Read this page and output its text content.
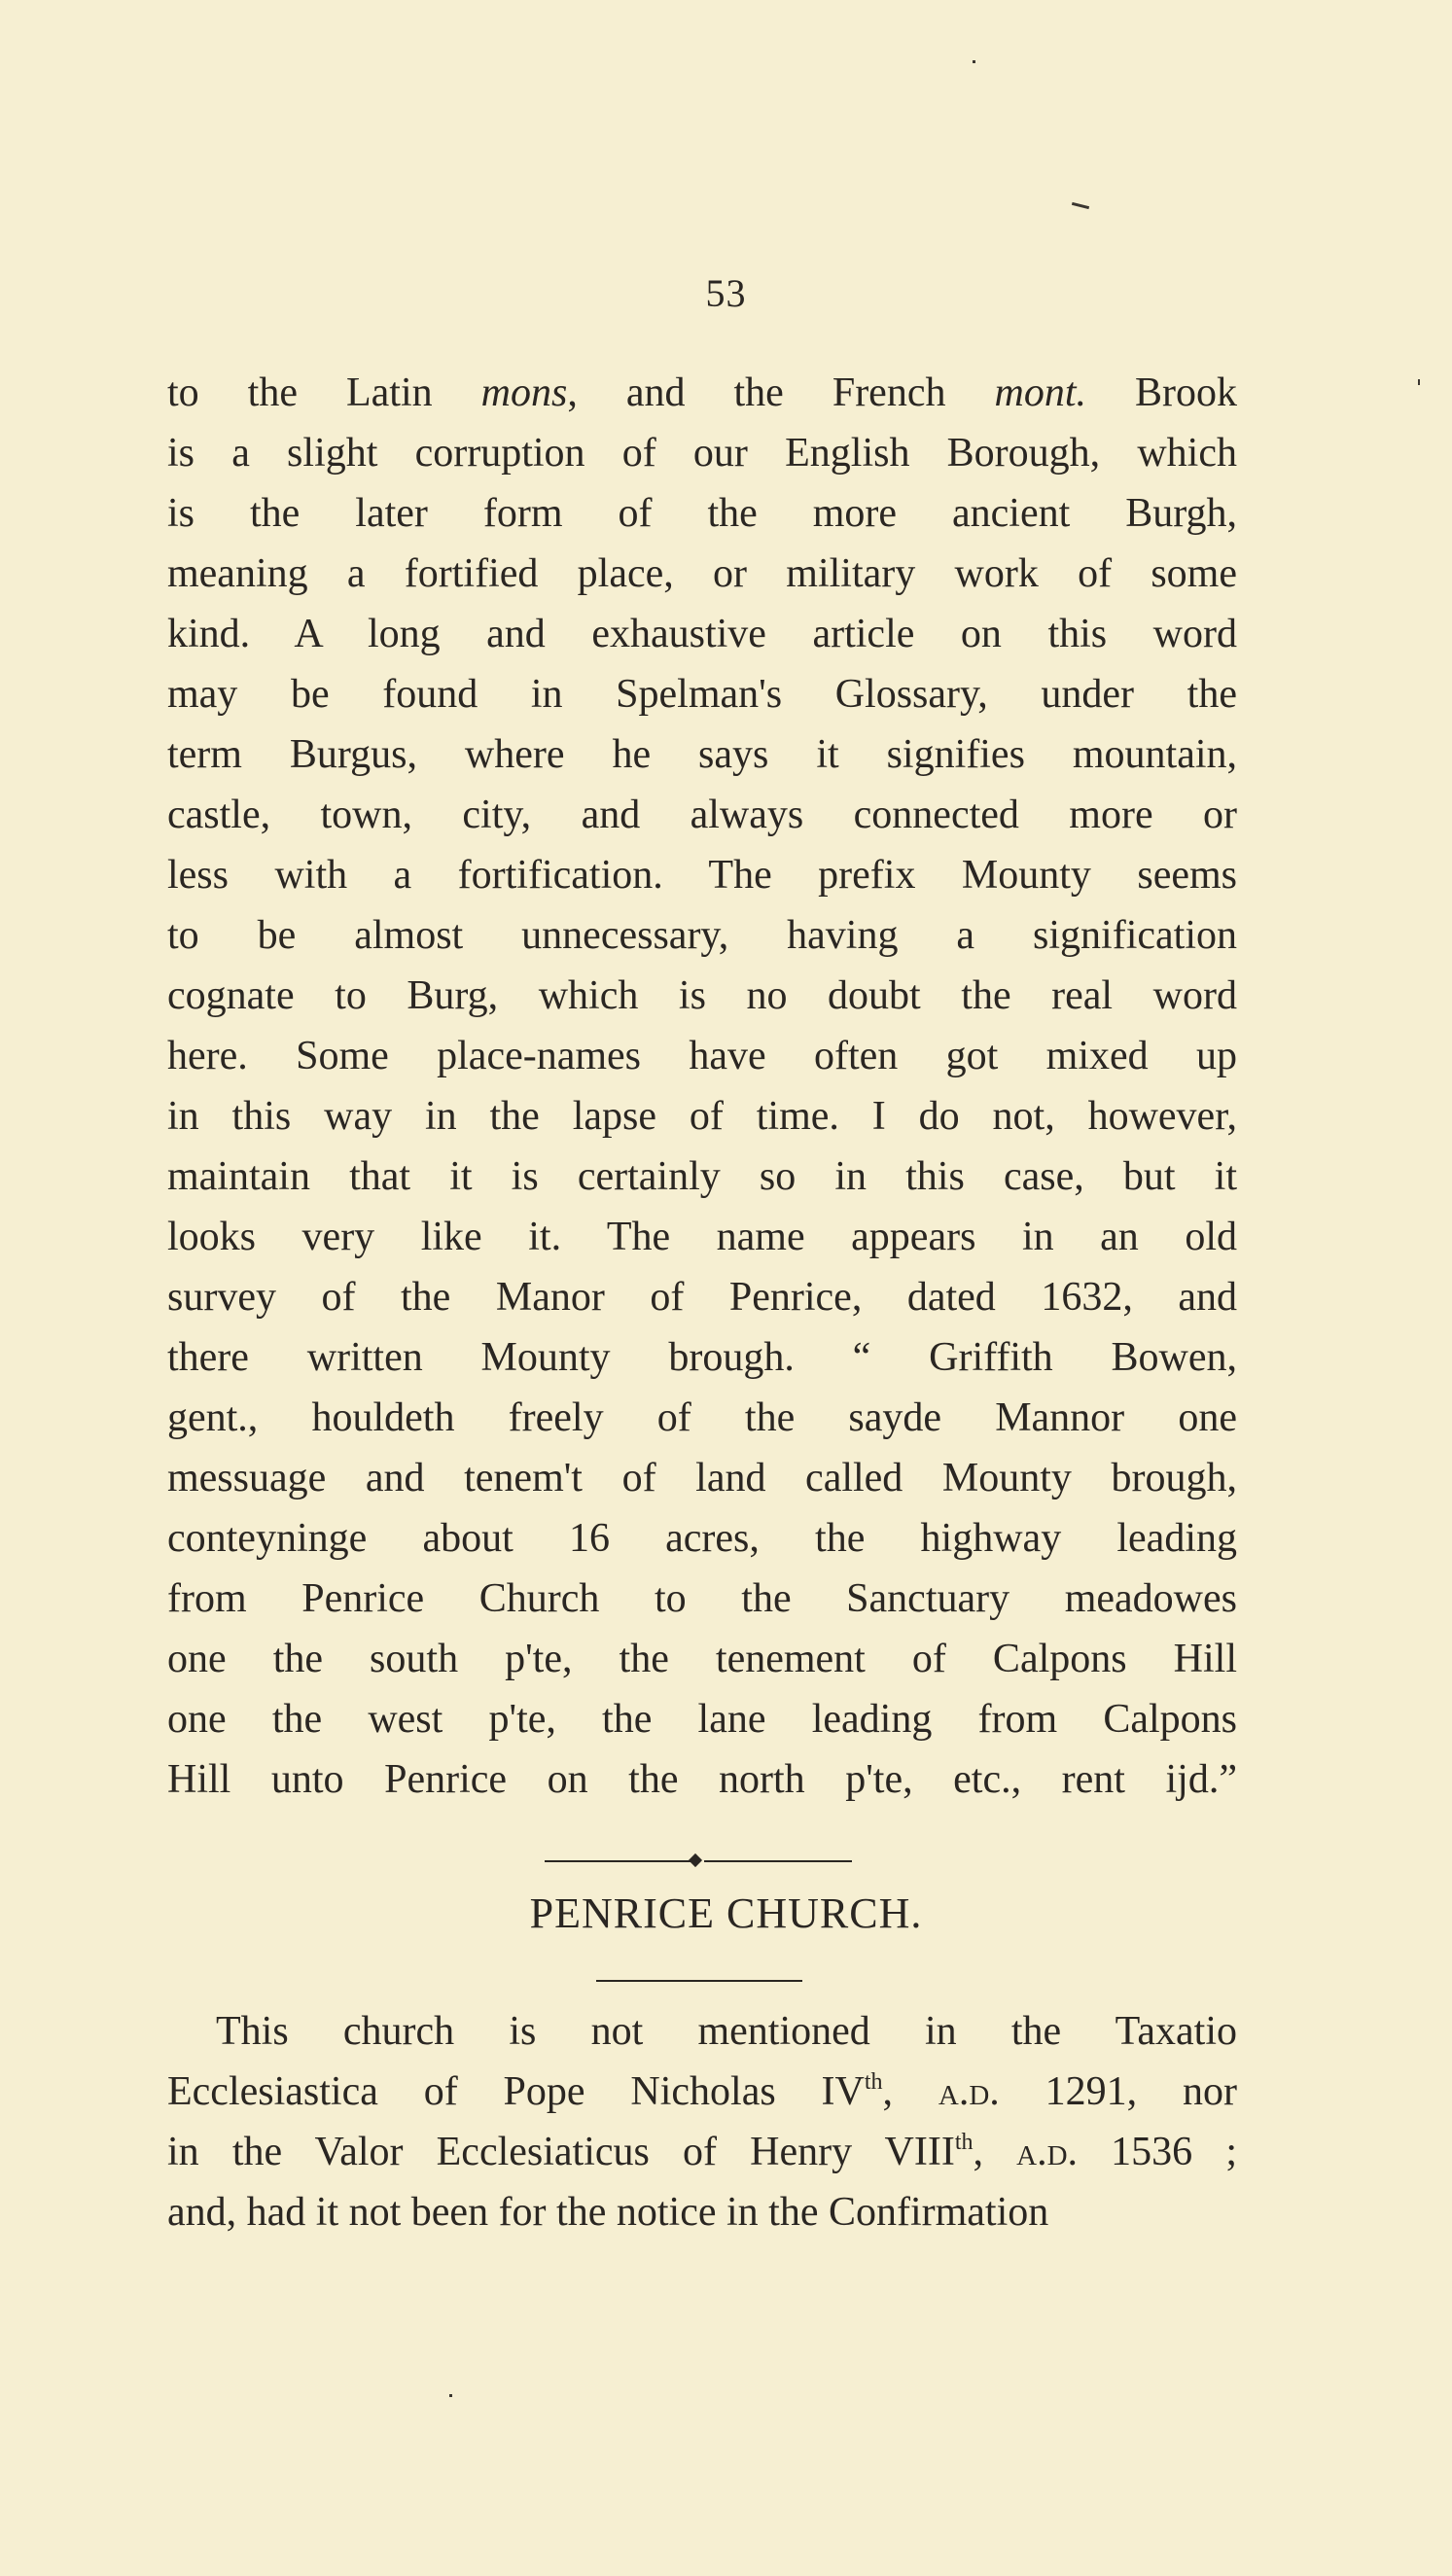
53
to the Latin mons, and the French mont. Brook
is a slight corruption of our English Borough, which
is the later form of the more ancient Burgh,
meaning a fortified place, or military work of some
kind. A long and exhaustive article on this word
may be found in Spelman's Glossary, under the
term Burgus, where he says it signifies mountain,
castle, town, city, and always connected more or
less with a fortification. The prefix Mounty seems
to be almost unnecessary, having a signification
cognate to Burg, which is no doubt the real word
here. Some place-names have often got mixed up
in this way in the lapse of time. I do not, however,
maintain that it is certainly so in this case, but it
looks very like it. The name appears in an old
survey of the Manor of Penrice, dated 1632, and
there written Mounty brough. “ Griffith Bowen,
gent., houldeth freely of the sayde Mannor one
messuage and tenem't of land called Mounty brough,
conteyninge about 16 acres, the highway leading
from Penrice Church to the Sanctuary meadowes
one the south p'te, the tenement of Calpons Hill
one the west p'te, the lane leading from Calpons
Hill unto Penrice on the north p'te, etc., rent ijd.”
PENRICE CHURCH.
This church is not mentioned in the Taxatio
Ecclesiastica of Pope Nicholas IVth, a.d. 1291, nor
in the Valor Ecclesiaticus of Henry VIIIth, a.d. 1536 ;
and, had it not been for the notice in the Confirmation
